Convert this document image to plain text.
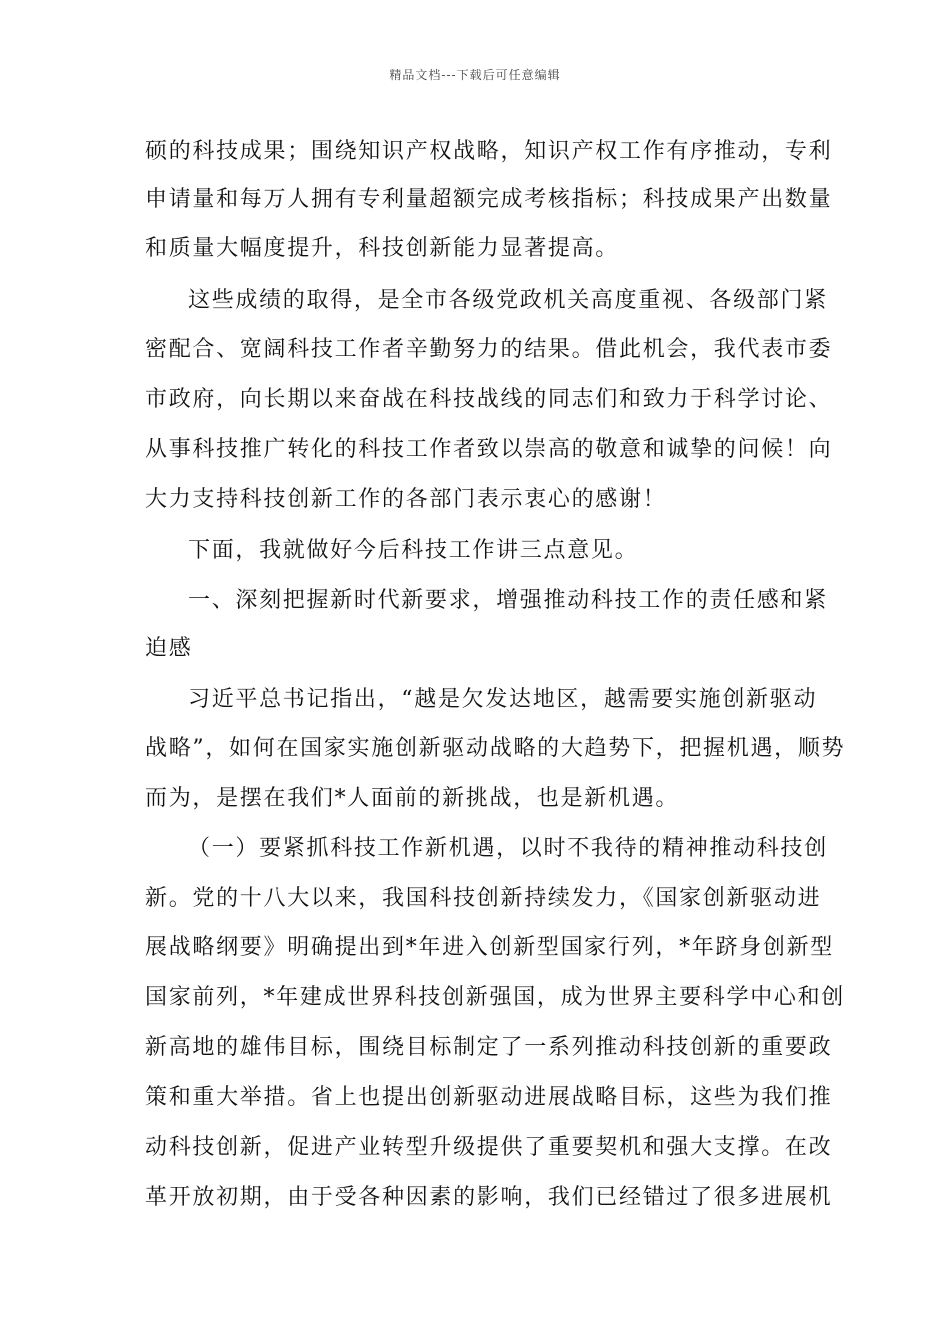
精品文档---下载后可任意编辑
硕的科技成果；围绕知识产权战略，知识产权工作有序推动，专利
申请量和每万人拥有专利量超额完成考核指标；科技成果产出数量
和质量大幅度提升，科技创新能力显著提高。
这些成绩的取得，是全市各级党政机关高度重视、各级部门紧
密配合、宽阔科技工作者辛勤努力的结果。借此机会，我代表市委
市政府，向长期以来奋战在科技战线的同志们和致力于科学讨论、
从事科技推广转化的科技工作者致以崇高的敬意和诚挚的问候！向
大力支持科技创新工作的各部门表示衷心的感谢！
下面，我就做好今后科技工作讲三点意见。
一、深刻把握新时代新要求，增强推动科技工作的责任感和紧
迫感
习近平总书记指出，“越是欠发达地区，越需要实施创新驱动
战略”，如何在国家实施创新驱动战略的大趋势下，把握机遇，顺势
而为，是摆在我们*人面前的新挑战，也是新机遇。
（一）要紧抓科技工作新机遇，以时不我待的精神推动科技创
新。党的十八大以来，我国科技创新持续发力，《国家创新驱动进
展战略纲要》明确提出到*年进入创新型国家行列，*年跻身创新型
国家前列，*年建成世界科技创新强国，成为世界主要科学中心和创
新高地的雄伟目标，围绕目标制定了一系列推动科技创新的重要政
策和重大举措。省上也提出创新驱动进展战略目标，这些为我们推
动科技创新，促进产业转型升级提供了重要契机和强大支撑。在改
革开放初期，由于受各种因素的影响，我们已经错过了很多进展机
